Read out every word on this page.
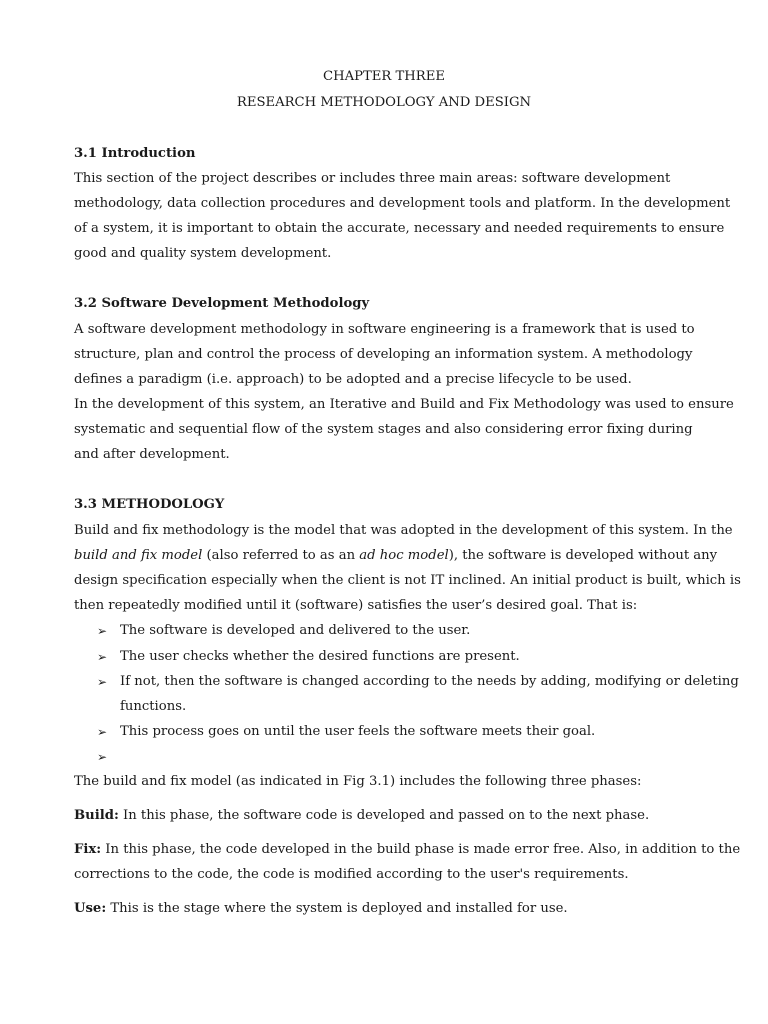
CHAPTER THREE
RESEARCH METHODOLOGY AND DESIGN
3.1 Introduction
This section of the project describes or includes three main areas: software development
methodology, data collection procedures and development tools and platform. In the development
of a system, it is important to obtain the accurate, necessary and needed requirements to ensure
good and quality system development.
3.2 Software Development Methodology
A software development methodology in software engineering is a framework that is used to
structure, plan and control the process of developing an information system. A methodology
defines a paradigm (i.e. approach) to be adopted and a precise lifecycle to be used.
In the development of this system, an Iterative and Build and Fix Methodology was used to ensure
systematic and sequential flow of the system stages and also considering error fixing during
and after development.
3.3 METHODOLOGY
Build and fix methodology is the model that was adopted in the development of this system. In the
build and fix model (also referred to as an ad hoc model), the software is developed without any
design specification especially when the client is not IT inclined. An initial product is built, which is
then repeatedly modified until it (software) satisfies the user’s desired goal. That is:
➢ The software is developed and delivered to the user.
➢ The user checks whether the desired functions are present.
➢ If not, then the software is changed according to the needs by adding, modifying or deleting
functions.
➢ This process goes on until the user feels the software meets their goal.
➢
The build and fix model (as indicated in Fig 3.1) includes the following three phases:
Build: In this phase, the software code is developed and passed on to the next phase.
Fix: In this phase, the code developed in the build phase is made error free. Also, in addition to the
corrections to the code, the code is modified according to the user's requirements.
Use: This is the stage where the system is deployed and installed for use.
